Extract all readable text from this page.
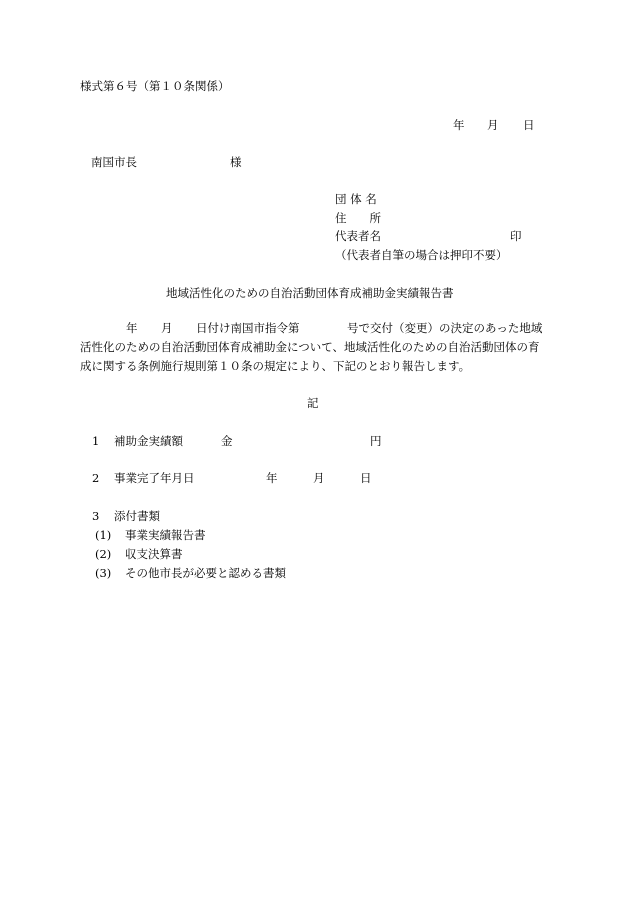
様式第６号（第１０条関係）
年 月 日
南国市長	様
団 体 名
住　　所
代表者名	印
（代表者自筆の場合は押印不要）
地域活性化のための自治活動団体育成補助金実績報告書
年 月 日付け南国市指令第	号で交付（変更）の決定のあった地域
活性化のための自治活動団体育成補助金について、地域活性化のための自治活動団体の育
成に関する条例施行規則第１０条の規定により、下記のとおり報告します。
記
1 補助金実績額	金	円
2 事業完了年月日	年	月	日
3 添付書類
(1) 事業実績報告書
(2) 収支決算書
(3) その他市長が必要と認める書類
